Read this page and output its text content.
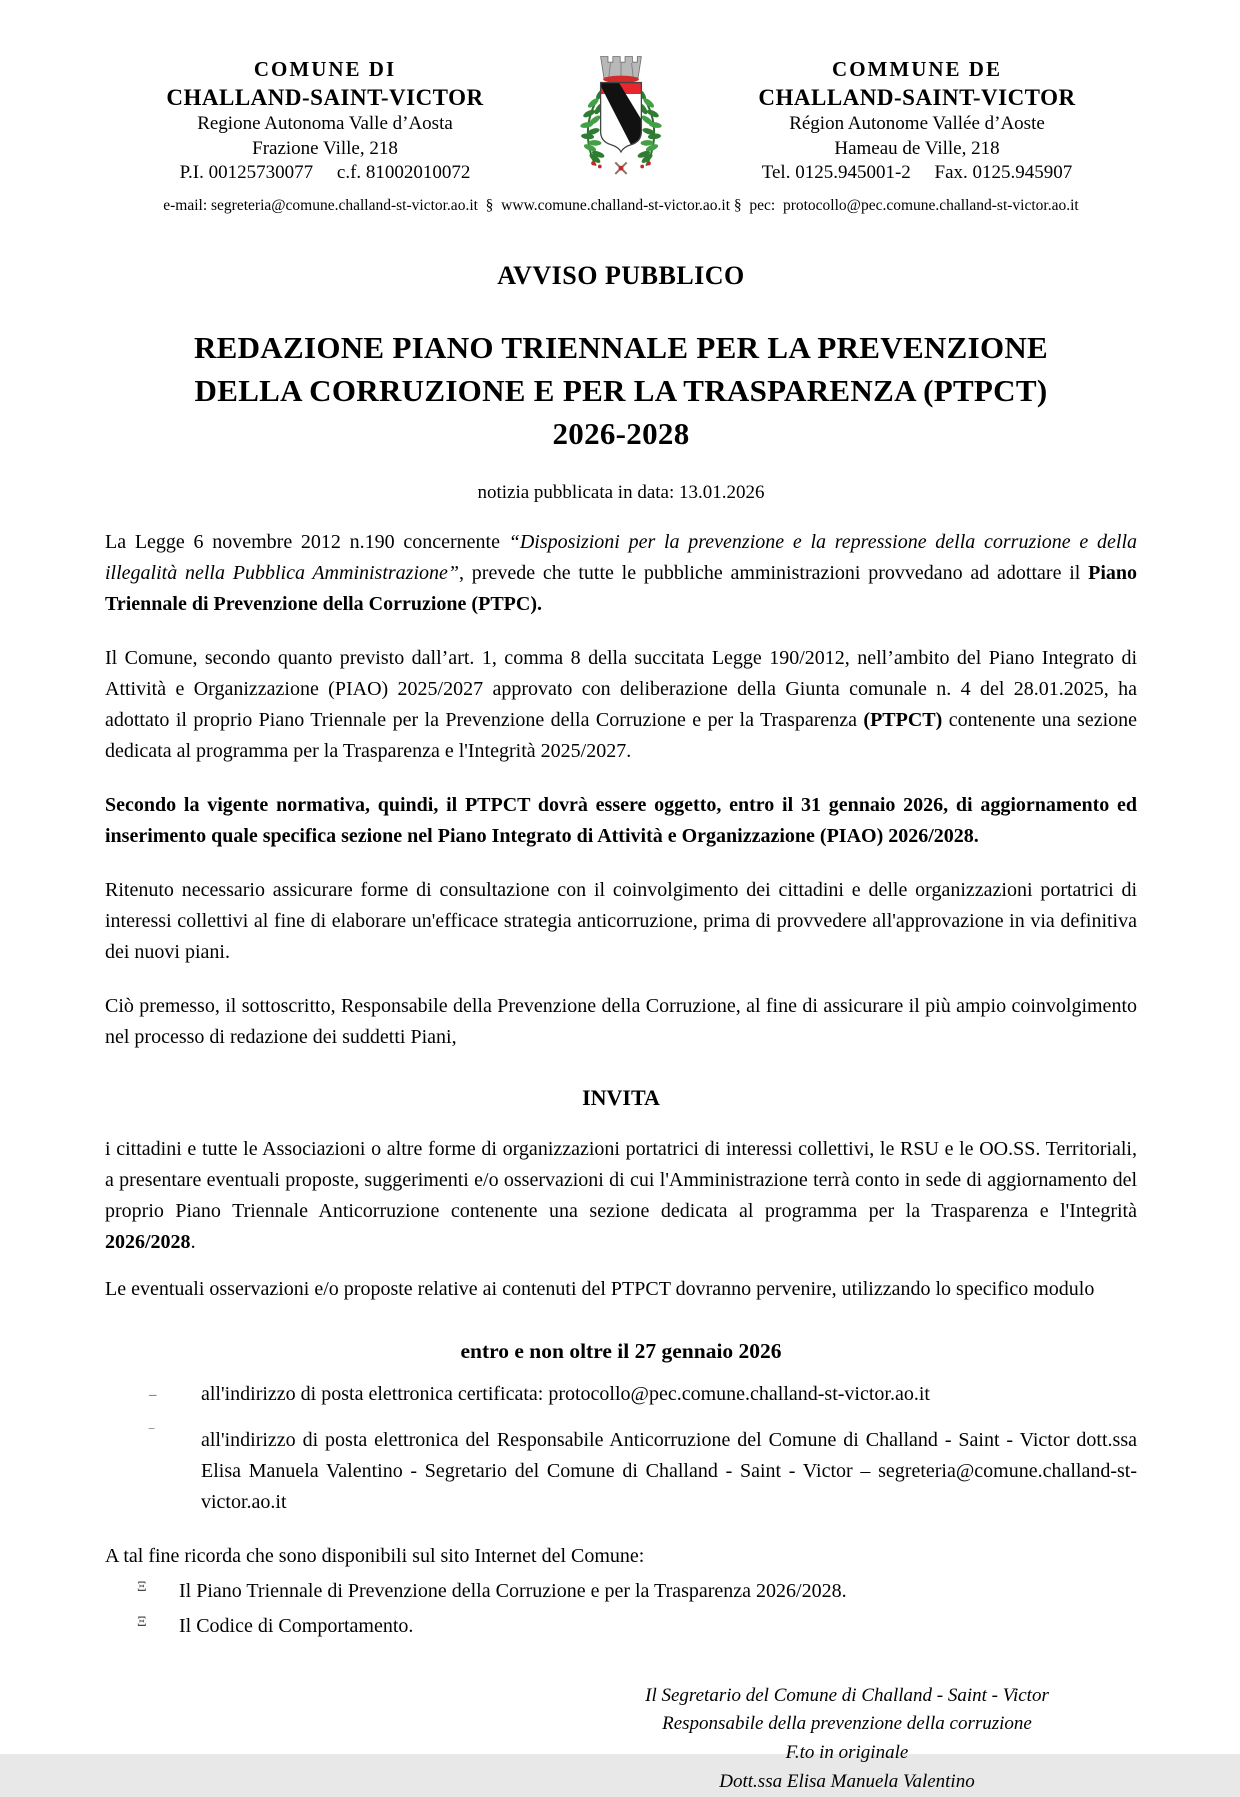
COMUNE DI
CHALLAND-SAINT-VICTOR
Regione Autonoma Valle d’Aosta
Frazione Ville, 218
P.I. 00125730077     c.f. 81002010072
COMMUNE DE
CHALLAND-SAINT-VICTOR
Région Autonome Vallée d’Aoste
Hameau de Ville, 218
Tel. 0125.945001-2     Fax. 0125.945907
e-mail: segreteria@comune.challand-st-victor.ao.it  §  www.comune.challand-st-victor.ao.it §  pec:  protocollo@pec.comune.challand-st-victor.ao.it
AVVISO PUBBLICO
REDAZIONE PIANO TRIENNALE PER LA PREVENZIONE
DELLA CORRUZIONE E PER LA TRASPARENZA (PTPCT)
2026-2028
notizia pubblicata in data: 13.01.2026

La Legge 6 novembre 2012 n.190 concernente “Disposizioni per la prevenzione e la repressione della corruzione e della illegalità nella Pubblica Amministrazione”, prevede che tutte le pubbliche amministrazioni provvedano ad adottare il Piano Triennale di Prevenzione della Corruzione (PTPC).

Il Comune, secondo quanto previsto dall’art. 1, comma 8 della succitata Legge 190/2012, nell’ambito del Piano Integrato di Attività e Organizzazione (PIAO) 2025/2027 approvato con deliberazione della Giunta comunale n. 4 del 28.01.2025, ha adottato il proprio Piano Triennale per la Prevenzione della Corruzione e per la Trasparenza (PTPCT) contenente una sezione dedicata al programma per la Trasparenza e l'Integrità 2025/2027.

Secondo la vigente normativa, quindi, il PTPCT dovrà essere oggetto, entro il 31 gennaio 2026, di aggiornamento ed inserimento quale specifica sezione nel Piano Integrato di Attività e Organizzazione (PIAO) 2026/2028.

Ritenuto necessario assicurare forme di consultazione con il coinvolgimento dei cittadini e delle organizzazioni portatrici di interessi collettivi al fine di elaborare un'efficace strategia anticorruzione, prima di provvedere all'approvazione in via definitiva dei nuovi piani.

Ciò premesso, il sottoscritto, Responsabile della Prevenzione della Corruzione, al fine di assicurare il più ampio coinvolgimento nel processo di redazione dei suddetti Piani,

INVITA

i cittadini e tutte le Associazioni o altre forme di organizzazioni portatrici di interessi collettivi, le RSU e le OO.SS. Territoriali, a presentare eventuali proposte, suggerimenti e/o osservazioni di cui l'Amministrazione terrà conto in sede di aggiornamento del proprio Piano Triennale Anticorruzione contenente una sezione dedicata al programma per la Trasparenza e l'Integrità 2026/2028.

Le eventuali osservazioni e/o proposte relative ai contenuti del PTPCT dovranno pervenire, utilizzando lo specifico modulo

entro e non oltre il 27 gennaio 2026
_	all'indirizzo di posta elettronica certificata: protocollo@pec.comune.challand-st-victor.ao.it
‾	all'indirizzo di posta elettronica del Responsabile Anticorruzione del Comune di Challand - Saint - Victor dott.ssa Elisa Manuela Valentino - Segretario del Comune di Challand - Saint - Victor – segreteria@comune.challand-st-victor.ao.it

A tal fine ricorda che sono disponibili sul sito Internet del Comune:

Ξ	Il Piano Triennale di Prevenzione della Corruzione e per la Trasparenza 2026/2028.
Ξ	Il Codice di Comportamento.
Il Segretario del Comune di Challand - Saint - Victor
Responsabile della prevenzione della corruzione
F.to in originale
Dott.ssa Elisa Manuela Valentino
